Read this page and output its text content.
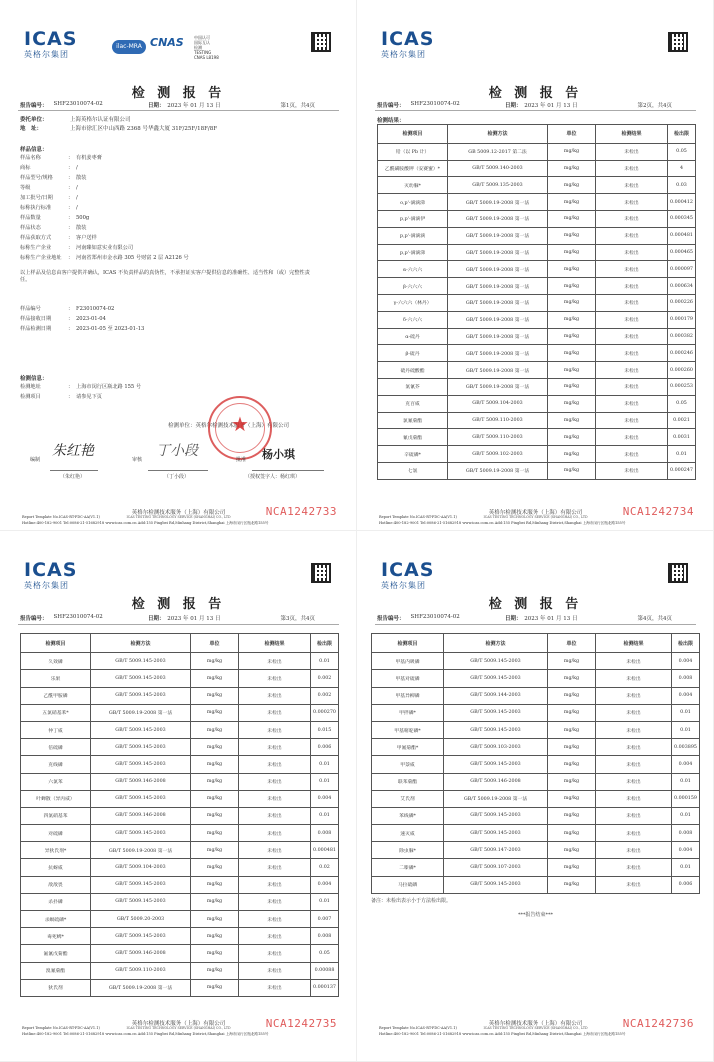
ICAS
英格尔集团
ilac-MRA CNAS	中国认可
国际互认
检测
TESTING
CNAS L8198
检 测 报 告
报告编号： SHF23010074-02	日期：　 2023 年 01 月 13 日	第1页，共4页
委托单位：	上海英格尔认证有限公司
地　址：	上海市徐汇区中山西路 2368 号华鑫大厦 31F/25F/18F/8F
样品信息：
样品名称	： 有机姜枣膏
商标	： /
样品型号/规格	： 散装
等级	： /
加工批号/日期	： /
标称执行标准	： /
样品数量	： 500g
样品状态	： 散装
样品获取方式	： 客户送样
标称生产企业	： 河南臻如意实业有限公司
标称生产企业地址	： 河南省郑州市金水路 305 号财富 2 层 A2126 号
以上样品及信息由客户提供并确认，ICAS 不负责样品的真伪性，不承担证实客户提供信息的准确性、适当性和（或）完整性责任。
样品编号	： F23010074-02
样品接收日期	： 2023-01-04
样品检测日期	： 2023-01-05 至 2023-01-13
检测信息：
检测地址	： 上海市闵行区瓶北路 155 号
检测项目	： 请参见下页
检测单位：英格尔检测技术服务（上海）有限公司
★
编制
朱红艳
（朱红艳）
审核
丁小段
（丁小段）
批准 杨小琪
（授权签字人：杨红琪）
英格尔检测技术服务（上海）有限公司
ICAS TESTING TECHNOLOGY SERVICE (SHANGHAI) CO., LTD
Report Template No.ICAS-RT-FDC-AA(V1.1)
Hotline:400-182-9001 Tel:0086-21-51682918 www.icas.com.cn Add:155 Pingbei Rd,Minhang District,Shanghai 上海市闵行区瓶北路155号
NCA1242733
ICAS
英格尔集团
检 测 报 告
报告编号： SHF23010074-02	日期：　 2023 年 01 月 13 日	第2页，共4页
检测结果：
检测项目	检测方法	单位	检测结果	检出限
铅（以 Pb 计）	GB 5009.12-2017 第二法	mg/kg	未检出	0.05
乙酰磺胺酸钾（安赛蜜）*	GB/T 5009.140-2003	mg/kg	未检出	4
灭幼脲*	GB/T 5009.135-2003	mg/kg	未检出	0.03
o,p'-滴滴涕	GB/T 5009.19-2008 第一法	mg/kg	未检出	0.000412
p,p'-滴滴伊	GB/T 5009.19-2008 第一法	mg/kg	未检出	0.000345
p,p'-滴滴滴	GB/T 5009.19-2008 第一法	mg/kg	未检出	0.000481
p,p'-滴滴涕	GB/T 5009.19-2008 第一法	mg/kg	未检出	0.000465
α-六六六	GB/T 5009.19-2008 第一法	mg/kg	未检出	0.000097
β-六六六	GB/T 5009.19-2008 第一法	mg/kg	未检出	0.000634
γ-六六六（林丹）	GB/T 5009.19-2008 第一法	mg/kg	未检出	0.000226
δ-六六六	GB/T 5009.19-2008 第一法	mg/kg	未检出	0.000179
α-硫丹	GB/T 5009.19-2008 第一法	mg/kg	未检出	0.000382
β-硫丹	GB/T 5009.19-2008 第一法	mg/kg	未检出	0.000246
硫丹硫酸酯	GB/T 5009.19-2008 第一法	mg/kg	未检出	0.000260
氯氰芥	GB/T 5009.19-2008 第一法	mg/kg	未检出	0.000253
克百威	GB/T 5009.104-2003	mg/kg	未检出	0.05
氯氰菊酯	GB/T 5009.110-2003	mg/kg	未检出	0.0021
氰戊菊酯	GB/T 5009.110-2003	mg/kg	未检出	0.0031
辛硫磷*	GB/T 5009.102-2003	mg/kg	未检出	0.01
七氯	GB/T 5009.19-2008 第一法	mg/kg	未检出	0.000247
英格尔检测技术服务（上海）有限公司
ICAS TESTING TECHNOLOGY SERVICE (SHANGHAI) CO., LTD
Report Template No.ICAS-RT-FDC-AA(V1.1)
Hotline:400-182-9001 Tel:0086-21-51682918 www.icas.com.cn Add:155 Pingbei Rd,Minhang District,Shanghai 上海市闵行区瓶北路155号
NCA1242734
ICAS
英格尔集团
检 测 报 告
报告编号： SHF23010074-02	日期：　 2023 年 01 月 13 日	第3页，共4页
检测项目	检测方法	单位	检测结果	检出限
久效磷	GB/T 5009.145-2003	mg/kg	未检出	0.01
乐果	GB/T 5009.145-2003	mg/kg	未检出	0.002
乙酰甲胺磷	GB/T 5009.145-2003	mg/kg	未检出	0.002
五氯硝基苯*	GB/T 5009.19-2008 第一法	mg/kg	未检出	0.000270
仲丁威	GB/T 5009.145-2003	mg/kg	未检出	0.015
倍硫磷	GB/T 5009.145-2003	mg/kg	未检出	0.006
克线磷	GB/T 5009.145-2003	mg/kg	未检出	0.01
六氯苯	GB/T 5009.146-2008	mg/kg	未检出	0.01
叶蝉散（异丙威）	GB/T 5009.145-2003	mg/kg	未检出	0.004
四氯硝基苯	GB/T 5009.146-2008	mg/kg	未检出	0.01
对硫磷	GB/T 5009.145-2003	mg/kg	未检出	0.008
异狄氏剂*	GB/T 5009.19-2008 第一法	mg/kg	未检出	0.000481
抗蚜威	GB/T 5009.104-2003	mg/kg	未检出	0.02
敌敌畏	GB/T 5009.145-2003	mg/kg	未检出	0.004
杀扑磷	GB/T 5009.145-2003	mg/kg	未检出	0.01
杀螟硫磷*	GB/T 5009.20-2003	mg/kg	未检出	0.007
毒死蜱*	GB/T 5009.145-2003	mg/kg	未检出	0.008
氟氰戊菊酯	GB/T 5009.146-2008	mg/kg	未检出	0.05
溴氰菊酯	GB/T 5009.110-2003	mg/kg	未检出	0.00088
狄氏剂	GB/T 5009.19-2008 第一法	mg/kg	未检出	0.000137
英格尔检测技术服务（上海）有限公司
ICAS TESTING TECHNOLOGY SERVICE (SHANGHAI) CO., LTD
Report Template No.ICAS-RT-FDC-AA(V1.1)
Hotline:400-182-9001 Tel:0086-21-51682918 www.icas.com.cn Add:155 Pingbei Rd,Minhang District,Shanghai 上海市闵行区瓶北路155号
NCA1242735
ICAS
英格尔集团
检 测 报 告
报告编号： SHF23010074-02	日期：　 2023 年 01 月 13 日	第4页，共4页
检测项目	检测方法	单位	检测结果	检出限
甲基内吸磷	GB/T 5009.145-2003	mg/kg	未检出	0.004
甲基对硫磷	GB/T 5009.145-2003	mg/kg	未检出	0.008
甲基异柳磷	GB/T 5009.144-2003	mg/kg	未检出	0.004
甲拌磷*	GB/T 5009.145-2003	mg/kg	未检出	0.01
甲基嘧啶磷*	GB/T 5009.145-2003	mg/kg	未检出	0.01
甲氰菊酯*	GB/T 5009.103-2003	mg/kg	未检出	0.003895
甲萘威	GB/T 5009.145-2003	mg/kg	未检出	0.004
联苯菊酯	GB/T 5009.146-2008	mg/kg	未检出	0.01
艾氏剂	GB/T 5009.19-2008 第一法	mg/kg	未检出	0.000159
苯线磷*	GB/T 5009.145-2003	mg/kg	未检出	0.01
速灭威	GB/T 5009.145-2003	mg/kg	未检出	0.008
除虫脲*	GB/T 5009.147-2003	mg/kg	未检出	0.004
二嗪磷*	GB/T 5009.107-2003	mg/kg	未检出	0.01
马拉硫磷	GB/T 5009.145-2003	mg/kg	未检出	0.006
备注：未检出表示小于方法检出限。
***报告结束***
英格尔检测技术服务（上海）有限公司
ICAS TESTING TECHNOLOGY SERVICE (SHANGHAI) CO., LTD
Report Template No.ICAS-RT-FDC-AA(V1.1)
Hotline:400-182-9001 Tel:0086-21-51682918 www.icas.com.cn Add:155 Pingbei Rd,Minhang District,Shanghai 上海市闵行区瓶北路155号
NCA1242736
